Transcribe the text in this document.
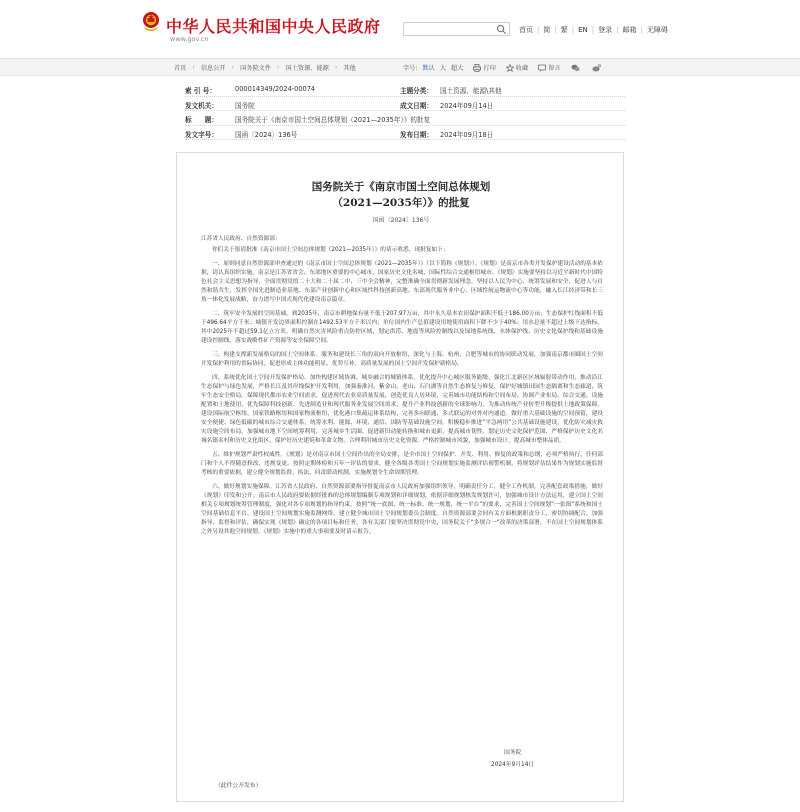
中华人民共和国中央人民政府
www.gov.cn
首页 | 简 | 繁 | EN | 登录 | 邮箱 | 无障碍
首页 › 信息公开 › 国务院文件 › 国土资源、能源 › 其他	字号: 默认 大 超大	打印	收藏	留言
索 引 号：	000014349/2024-00074	主题分类： 国土资源、能源\其他
发文机关：	国务院	成文日期： 2024年09月14日
标　　题：	国务院关于《南京市国土空间总体规划（2021—2035年）》的批复
发文字号：	国函〔2024〕136号	发布日期： 2024年09月18日
国务院关于《南京市国土空间总体规划
（2021—2035年）》的批复
国函〔2024〕136号

江苏省人民政府、自然资源部：

你们关于报请批准《南京市国土空间总体规划（2021—2035年）》的请示收悉。现批复如下：

一、原则同意自然资源部审查通过的《南京市国土空间总体规划（2021—2035年）》（以下简称《规划》）。《规划》是南京市各类开发保护建设活动的基本依据，请认真组织实施。南京是江苏省省会、东部地区重要的中心城市，国家历史文化名城、国际性综合交通枢纽城市。《规划》实施要坚持以习近平新时代中国特色社会主义思想为指导，全面贯彻党的二十大和二十届二中、三中全会精神，完整准确全面贯彻新发展理念，坚持以人民为中心，统筹发展和安全，促进人与自然和谐共生，发挥全国先进制造业基地、东部产业创新中心和区域性科技创新高地、东部现代服务业中心、区域性航运物流中心等功能，融入长江经济带和长三角一体化发展战略，奋力谱写中国式现代化建设南京篇章。

二、筑牢安全发展的空间基础。到2035年，南京市耕地保有量不低于207.97万亩，其中永久基本农田保护面积不低于186.00万亩；生态保护红线面积不低于496.64平方千米；城镇开发边界面积控制在1492.53平方千米以内；单位国内生产总值建设用地使用面积下降不少于40%；用水总量不超过上级下达指标，其中2025年不超过59.1亿立方米。明确自然灾害风险重点防控区域，划定洪涝、地震等风险控制线以及绿地系统线、水体保护线、历史文化保护线和基础设施建设控制线，落实战略性矿产资源等安全保障空间。

三、构建支撑新发展格局的国土空间体系。服务和建设长三角的双向开放枢纽，深化与上海、杭州、合肥等城市的协同联动发展，加强南京都市圈国土空间开发保护利用的省际协同，促进形成主体功能明显、优势互补、高质量发展的国土空间开发保护新格局。

四、系统优化国土空间开发保护格局。加快构建区域协调、城乡融合的城镇体系，优化提升中心城区服务能级，强化江北新区区域辐射带动作用，推动沿江生态保护与绿色发展，严格长江及其岸线保护开发利用，加强秦淮河、紫金山、老山、石臼湖等自然生态修复与修复，保护好城镇田园生态隔离和生态廊道，筑牢生态安全格局。保障现代都市农业空间需求，促进现代农业高质量发展，创造优良人居环境，完善城市功能结构和空间布局，协调产业布局、综合交通、设施配置和土地使用，优先保障科技创新、先进制造业和现代服务业发展空间需求，提升产业科技创新的全球影响力，为推动传统产业转型升级提供土地政策保障，建设国际航空枢纽、国家铁路枢纽和国家物流枢纽，优化港口集疏运体系结构，完善多向联通、多式联运的对外对内通道。做好重大基础设施的空间预留，建设安全便捷、绿色低碳的城市综合交通体系，统筹水利、能源、环境、通信、国防等基础设施空间，积极稳步推进“平急两用”公共基础设施建设，优化防灾减灾救灾设施空间布局，加强城市地下空间统筹利用，完善城乡生活圈。促进新旧动能转换和城市更新，提高城市韧性。划定历史文化保护范围，严格保护历史文化名城名镇名村和历史文化街区，保护好历史建筑和革命文物，合理利用城市历史文化资源，严格控制城市风貌，加强城市设计，提高城市整体品质。

五、维护规划严肃性权威性。《规划》是对南京市国土空间作出的全局安排，是全市国土空间保护、开发、利用、修复的政策和总纲，必须严格执行，任何部门和个人不得随意修改、违规变更。按照定期体检和五年一评估的要求，健全各级各类国土空间规划实施监测评估预警机制，将规划评估结果作为规划实施监督考核的重要依据，建立健全规划监督、执法、问责联动机制，实施规划全生命周期管理。

六、做好规划实施保障。江苏省人民政府、自然资源部要指导督促南京市人民政府加强组织领导，明确责任分工，健全工作机制，完善配套政策措施，做好《规划》印发和公开。南京市人民政府要依据经批准的总体规划编制专项规划和详细规划，依据详细规划核发规划许可，加强城市设计方法运用，建立国土空间相关专项规划统筹管理制度，强化对各专项规划的指导约束，按照“统一底图、统一标准、统一规划、统一平台”的要求，完善国土空间规划“一张图”系统和国土空间基础信息平台，建设国土空间规划实施监测网络，建立健全城市国土空间规划委员会制度。自然资源部要会同有关方面根据职责分工，密切协调配合，加强指导、监督和评估，确保实现《规划》确定的各项目标和任务，各有关部门要坚决贯彻党中央、国务院关于“多规合一”改革的决策部署，不在国土空间规划体系之外另设其他空间规划。《规划》实施中的重大事项要及时请示报告。

国务院
2024年9月14日
（此件公开发布）
